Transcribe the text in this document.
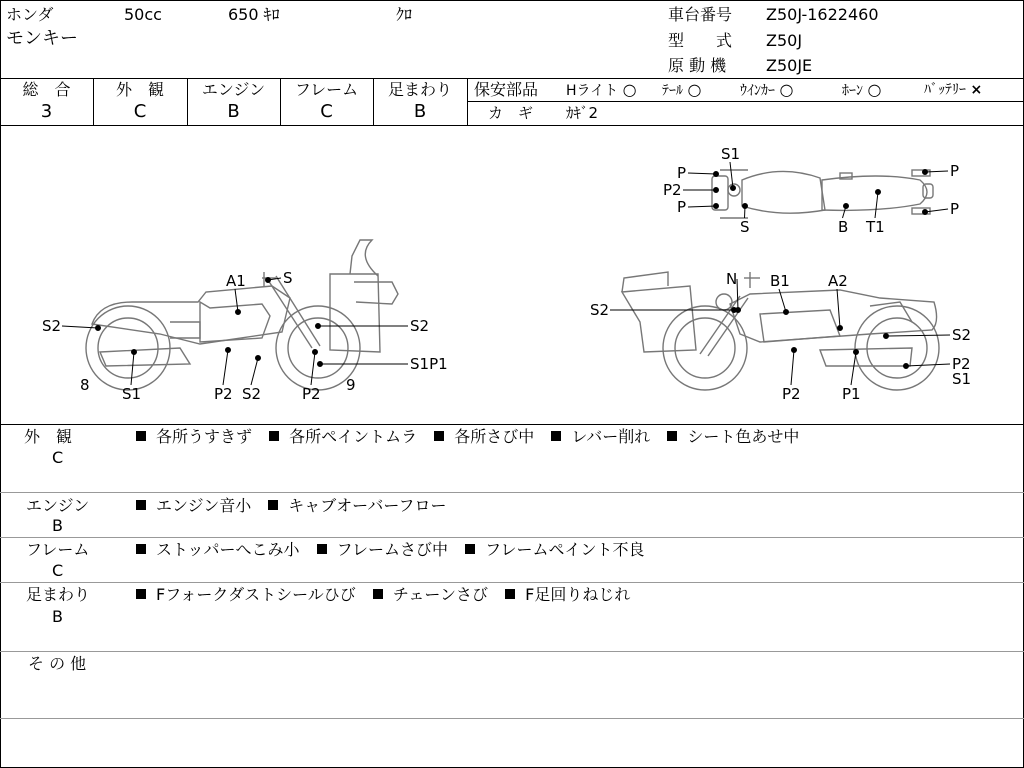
ホンダ	50cc	650 ｷﾛ	ｸﾛ
モンキー
車台番号 Z50J-1622460
型　　式 Z50J
原 動 機 Z50JE
総　合
3
外　観
C
エンジン
B
フレーム
C
足まわり
B
保安部品 Hライト ○ ﾃｰﾙ ○	ｳｲﾝｶｰ ○	ﾎｰﾝ ○	ﾊﾞｯﾃﾘｰ ×
カ　ギ ｶｷﾞ2
S1
P
P2
P
S	B T1
P
P
A1 S
S2	S2
S1P1
8 S1	P2 S2	P2 9
N B1	A2
S2
S2
P2
S1
P2	P1
外　観
C
各所うすきず 各所ペイントムラ 各所さび中 レバー削れ シート色あせ中
エンジン
B
エンジン音小 キャブオーバーフロー
フレーム
C
ストッパーへこみ小 フレームさび中 フレームペイント不良
足まわり
B
Fフォークダストシールひび チェーンさび F足回りねじれ
そ の 他
